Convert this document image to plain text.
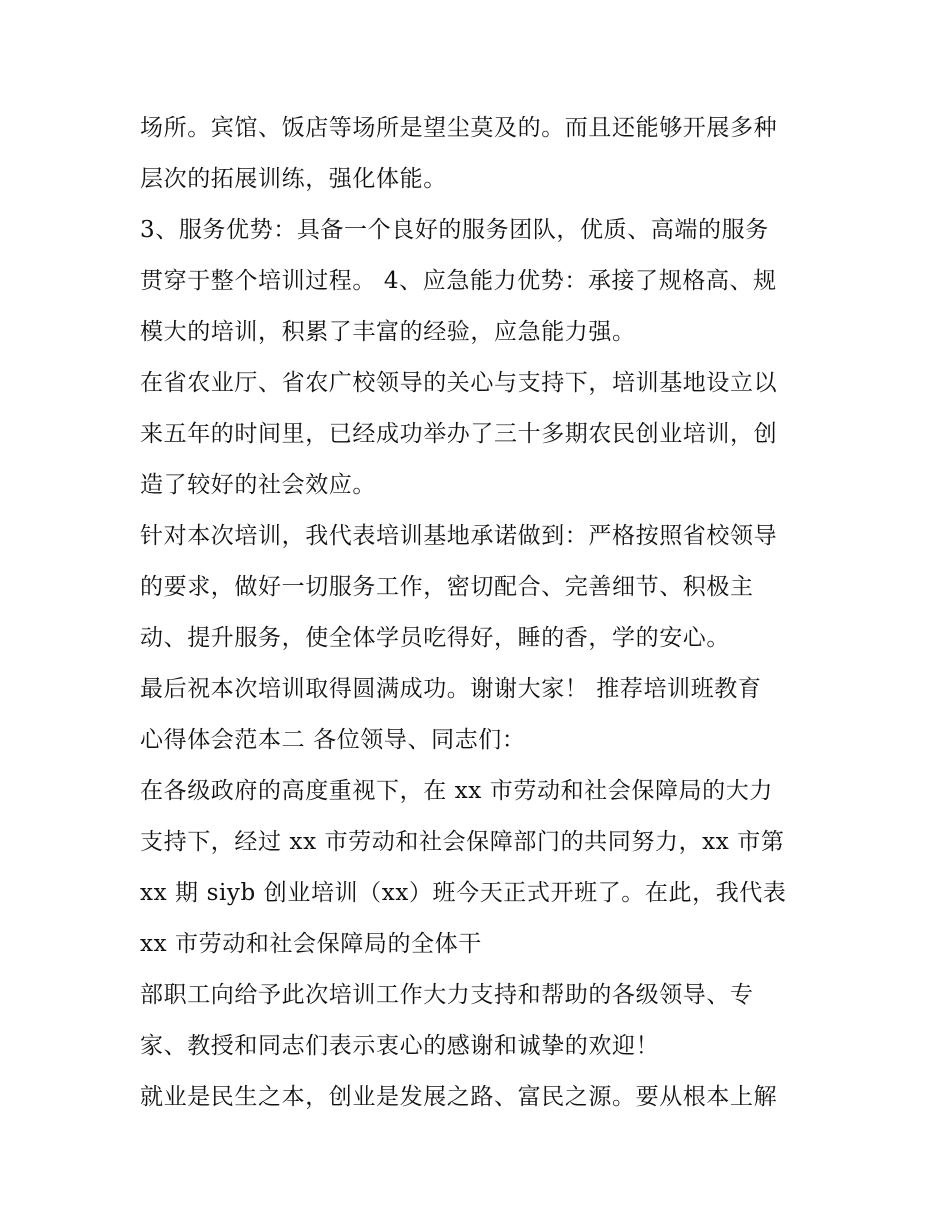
场所。宾馆、饭店等场所是望尘莫及的。而且还能够开展多种
层次的拓展训练，强化体能。
3、服务优势：具备一个良好的服务团队，优质、高端的服务
贯穿于整个培训过程。 4、应急能力优势：承接了规格高、规
模大的培训，积累了丰富的经验，应急能力强。
在省农业厅、省农广校领导的关心与支持下，培训基地设立以
来五年的时间里，已经成功举办了三十多期农民创业培训，创
造了较好的社会效应。
针对本次培训，我代表培训基地承诺做到：严格按照省校领导
的要求，做好一切服务工作，密切配合、完善细节、积极主
动、提升服务，使全体学员吃得好，睡的香，学的安心。
最后祝本次培训取得圆满成功。谢谢大家！ 推荐培训班教育
心得体会范本二 各位领导、同志们：
在各级政府的高度重视下，在 xx 市劳动和社会保障局的大力
支持下，经过 xx 市劳动和社会保障部门的共同努力，xx 市第
xx 期 siyb 创业培训（xx）班今天正式开班了。在此，我代表
xx 市劳动和社会保障局的全体干
部职工向给予此次培训工作大力支持和帮助的各级领导、专
家、教授和同志们表示衷心的感谢和诚挚的欢迎！
就业是民生之本，创业是发展之路、富民之源。要从根本上解
